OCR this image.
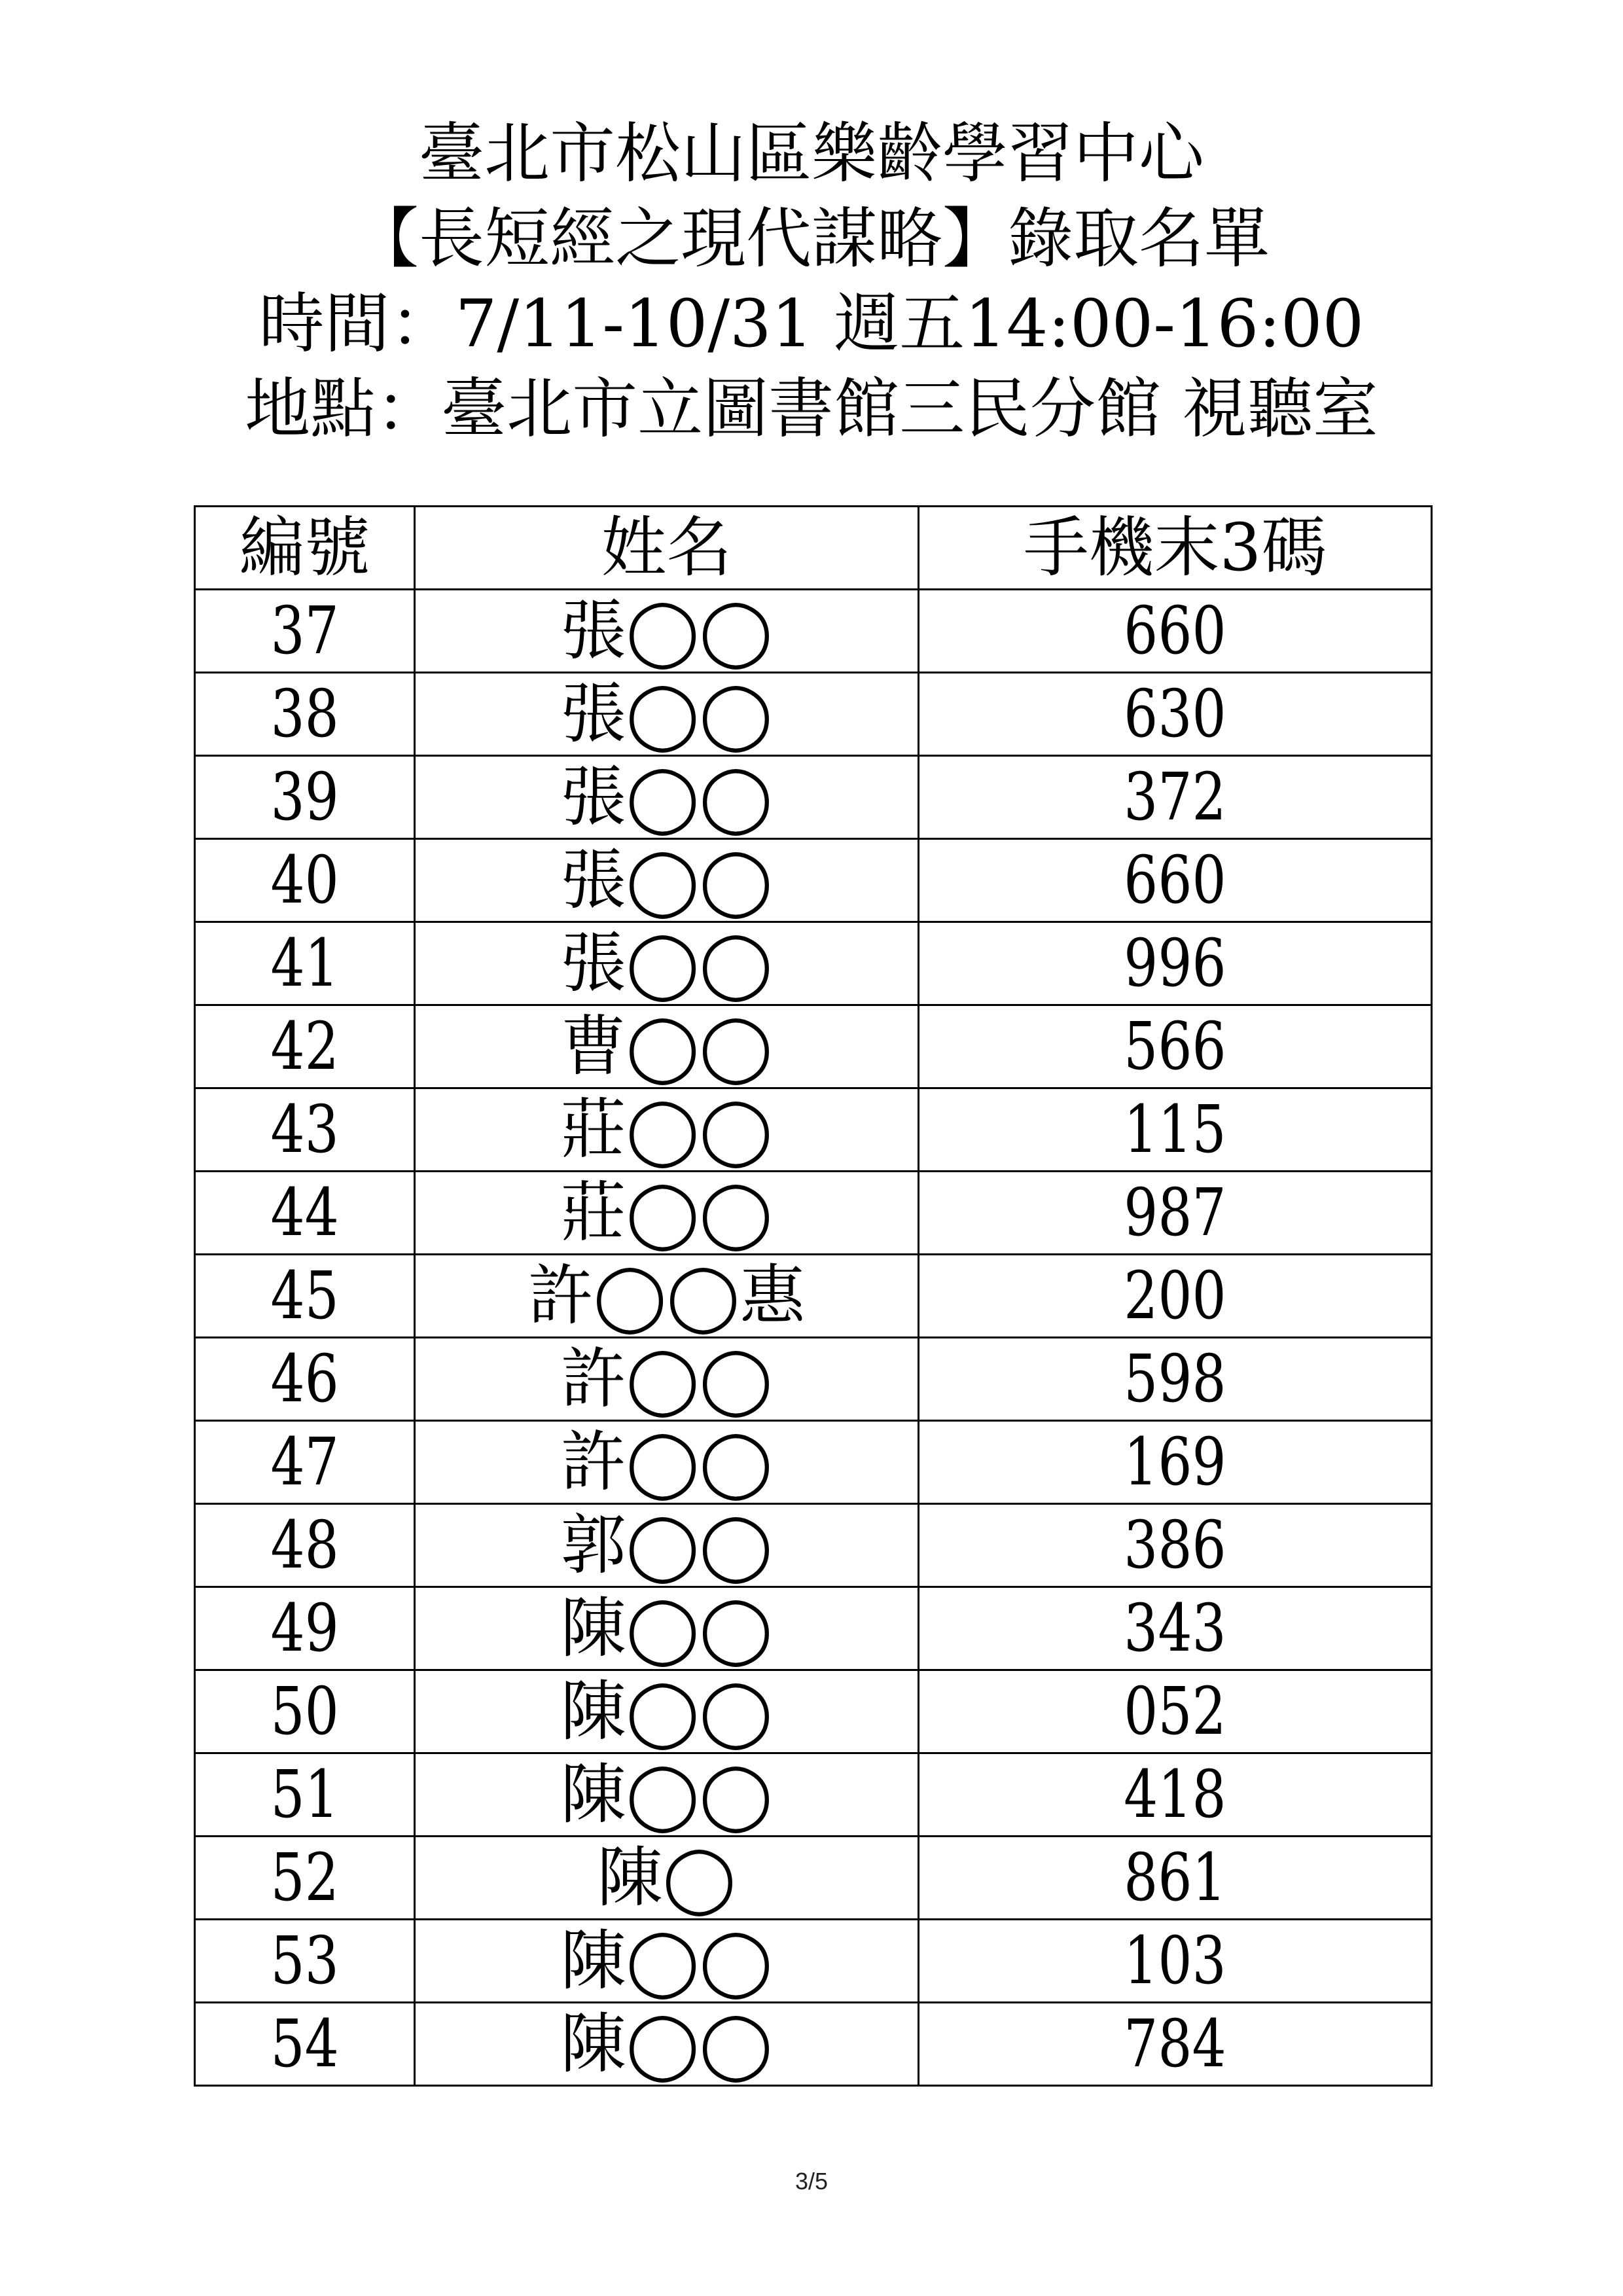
臺北市松山區樂齡學習中心
【長短經之現代謀略】錄取名單
時間：7/11-10/31 週五14:00-16:00
地點：臺北市立圖書館三民分館 視聽室
編號	姓名	手機末3碼
37	張◯◯	660
38	張◯◯	630
39	張◯◯	372
40	張◯◯	660
41	張◯◯	996
42	曹◯◯	566
43	莊◯◯	115
44	莊◯◯	987
45	許◯◯惠	200
46	許◯◯	598
47	許◯◯	169
48	郭◯◯	386
49	陳◯◯	343
50	陳◯◯	052
51	陳◯◯	418
52	陳◯	861
53	陳◯◯	103
54	陳◯◯	784
3/5
